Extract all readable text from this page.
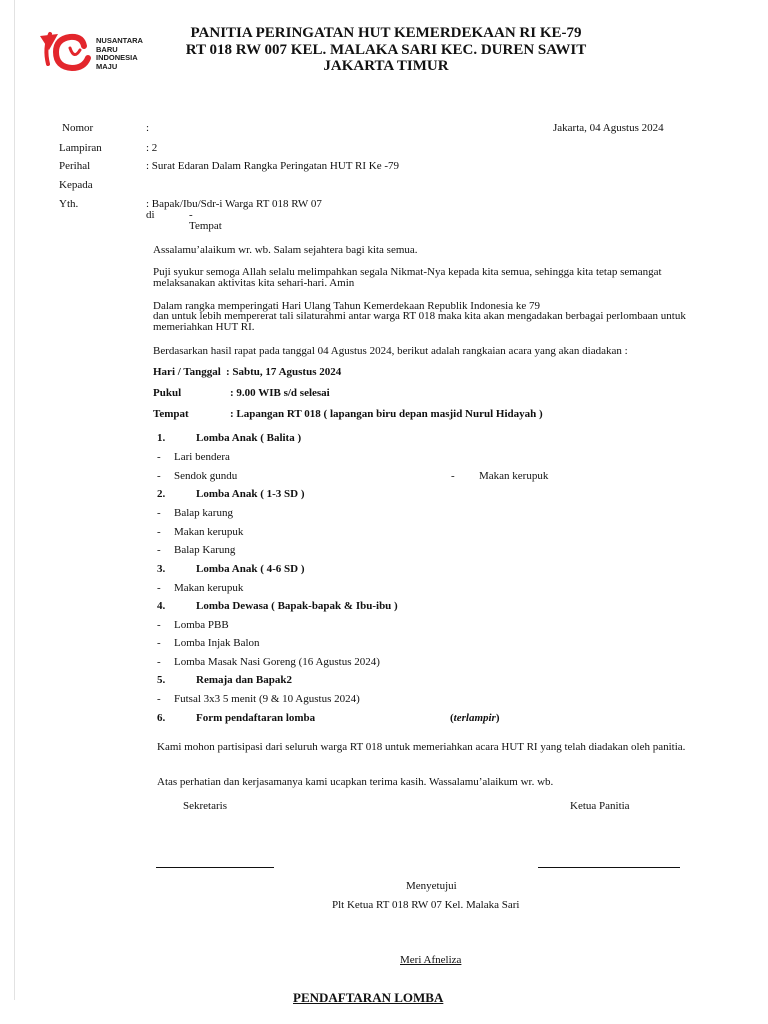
NUSANTARA
BARU
INDONESIA
MAJU
PANITIA PERINGATAN HUT KEMERDEKAAN RI KE-79
RT 018 RW 007 KEL. MALAKA SARI KEC. DUREN SAWIT
JAKARTA TIMUR
Nomor	:	Jakarta, 04 Agustus 2024
Lampiran	: 2
Perihal	: Surat Edaran Dalam Rangka Peringatan HUT RI Ke -79
Kepada
Yth.	: Bapak/Ibu/Sdr-i Warga RT 018 RW 07
di	-
Tempat
Assalamu’alaikum wr. wb. Salam sejahtera bagi kita semua.
Puji syukur semoga Allah selalu melimpahkan segala Nikmat-Nya kepada kita semua, sehingga kita tetap semangat melaksanakan aktivitas kita sehari-hari. Amin
Dalam rangka memperingati Hari Ulang Tahun Kemerdekaan Republik Indonesia ke 79
dan untuk lebih mempererat tali silaturahmi antar warga RT 018 maka kita akan mengadakan berbagai perlombaan untuk memeriahkan HUT RI.
Berdasarkan hasil rapat pada tanggal 04 Agustus 2024, berikut adalah rangkaian acara yang akan diadakan :
Hari / Tanggal : Sabtu, 17 Agustus 2024
Pukul	: 9.00 WIB s/d selesai
Tempat	: Lapangan RT 018 ( lapangan biru depan masjid Nurul Hidayah )
1.	Lomba Anak ( Balita )
- Lari bendera
- Sendok gundu	- Makan kerupuk
2.	Lomba Anak ( 1-3 SD )
- Balap karung
- Makan kerupuk
- Balap Karung
3.	Lomba Anak ( 4-6 SD )
- Makan kerupuk
4.	Lomba Dewasa ( Bapak-bapak & Ibu-ibu )
- Lomba PBB
- Lomba Injak Balon
- Lomba Masak Nasi Goreng (16 Agustus 2024)
5.	Remaja dan Bapak2
- Futsal 3x3 5 menit (9 & 10 Agustus 2024)
6.	Form pendaftaran lomba	(terlampir)
Kami mohon partisipasi dari seluruh warga RT 018 untuk memeriahkan acara HUT RI yang telah diadakan oleh panitia.
Atas perhatian dan kerjasamanya kami ucapkan terima kasih. Wassalamu’alaikum wr. wb.
Sekretaris	Ketua Panitia
Menyetujui
Plt Ketua RT 018 RW 07 Kel. Malaka Sari
Meri Afneliza
PENDAFTARAN LOMBA
